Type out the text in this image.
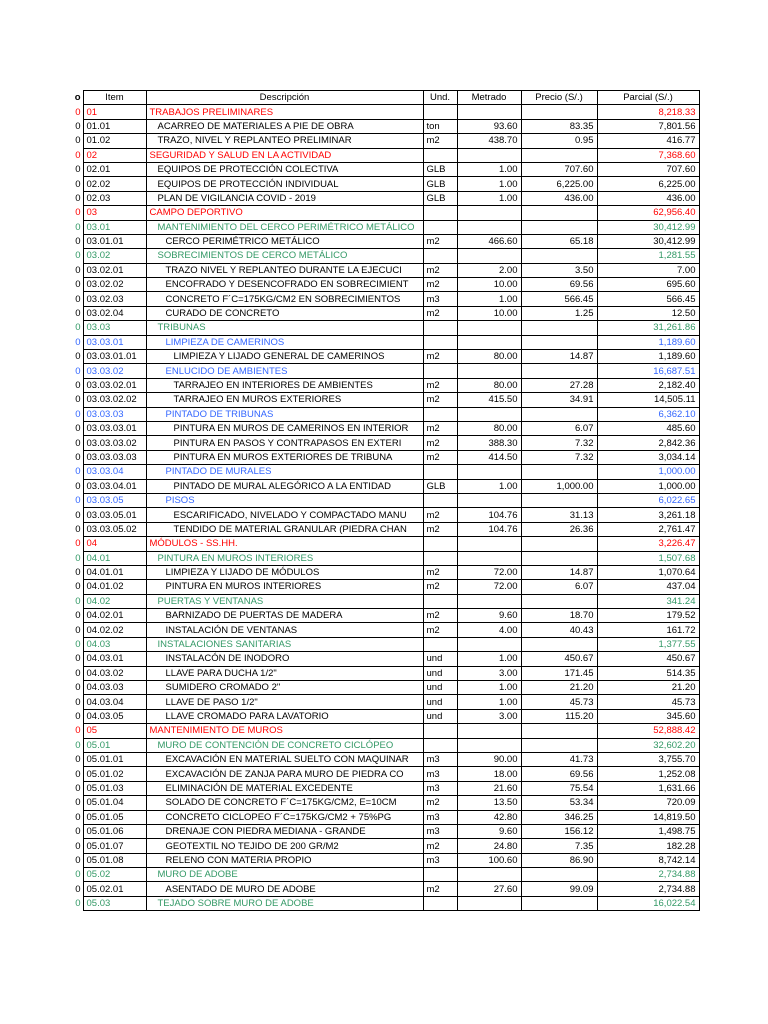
o	Item	Descripción	Und.	Metrado	Precio (S/.)	Parcial (S/.)
0	01	TRABAJOS PRELIMINARES				8,218.33
0	01.01	ACARREO DE MATERIALES A PIE DE OBRA	ton	93.60	83.35	7,801.56
0	01.02	TRAZO, NIVEL Y REPLANTEO PRELIMINAR	m2	438.70	0.95	416.77
0	02	SEGURIDAD Y SALUD EN LA ACTIVIDAD				7,368.60
0	02.01	EQUIPOS DE PROTECCIÓN COLECTIVA	GLB	1.00	707.60	707.60
0	02.02	EQUIPOS DE PROTECCIÓN INDIVIDUAL	GLB	1.00	6,225.00	6,225.00
0	02.03	PLAN DE VIGILANCIA COVID - 2019	GLB	1.00	436.00	436.00
0	03	CAMPO DEPORTIVO				62,956.40
0	03.01	MANTENIMIENTO DEL CERCO PERIMÉTRICO METÁLICO				30,412.99
0	03.01.01	CERCO PERIMÉTRICO METÁLICO	m2	466.60	65.18	30,412.99
0	03.02	SOBRECIMIENTOS DE CERCO METÁLICO				1,281.55
0	03.02.01	TRAZO NIVEL Y REPLANTEO DURANTE LA EJECUCI	m2	2.00	3.50	7.00
0	03.02.02	ENCOFRADO Y DESENCOFRADO EN SOBRECIMIENT	m2	10.00	69.56	695.60
0	03.02.03	CONCRETO F´C=175KG/CM2 EN SOBRECIMIENTOS	m3	1.00	566.45	566.45
0	03.02.04	CURADO DE CONCRETO	m2	10.00	1.25	12.50
0	03.03	TRIBUNAS				31,261.86
0	03.03.01	LIMPIEZA DE CAMERINOS				1,189.60
0	03.03.01.01	LIMPIEZA Y LIJADO GENERAL DE CAMERINOS	m2	80.00	14.87	1,189.60
0	03.03.02	ENLUCIDO DE AMBIENTES				16,687.51
0	03.03.02.01	TARRAJEO EN INTERIORES DE AMBIENTES	m2	80.00	27.28	2,182.40
0	03.03.02.02	TARRAJEO EN MUROS EXTERIORES	m2	415.50	34.91	14,505.11
0	03.03.03	PINTADO DE TRIBUNAS				6,362.10
0	03.03.03.01	PINTURA EN MUROS DE CAMERINOS EN INTERIOR	m2	80.00	6.07	485.60
0	03.03.03.02	PINTURA EN PASOS Y CONTRAPASOS EN EXTERI	m2	388.30	7.32	2,842.36
0	03.03.03.03	PINTURA EN MUROS EXTERIORES DE TRIBUNA	m2	414.50	7.32	3,034.14
0	03.03.04	PINTADO DE MURALES				1,000.00
0	03.03.04.01	PINTADO DE MURAL ALEGÓRICO A LA ENTIDAD	GLB	1.00	1,000.00	1,000.00
0	03.03.05	PISOS				6,022.65
0	03.03.05.01	ESCARIFICADO, NIVELADO Y COMPACTADO MANU	m2	104.76	31.13	3,261.18
0	03.03.05.02	TENDIDO DE MATERIAL GRANULAR (PIEDRA CHAN	m2	104.76	26.36	2,761.47
0	04	MÓDULOS - SS.HH.				3,226.47
0	04.01	PINTURA EN MUROS INTERIORES				1,507.68
0	04.01.01	LIMPIEZA Y LIJADO DE MÓDULOS	m2	72.00	14.87	1,070.64
0	04.01.02	PINTURA EN MUROS INTERIORES	m2	72.00	6.07	437.04
0	04.02	PUERTAS Y VENTANAS				341.24
0	04.02.01	BARNIZADO DE PUERTAS DE MADERA	m2	9.60	18.70	179.52
0	04.02.02	INSTALACIÓN DE VENTANAS	m2	4.00	40.43	161.72
0	04.03	INSTALACIONES SANITARIAS				1,377.55
0	04.03.01	INSTALACÓN DE INODORO	und	1.00	450.67	450.67
0	04.03.02	LLAVE PARA DUCHA 1/2"	und	3.00	171.45	514.35
0	04.03.03	SUMIDERO CROMADO 2"	und	1.00	21.20	21.20
0	04.03.04	LLAVE DE PASO 1/2"	und	1.00	45.73	45.73
0	04.03.05	LLAVE CROMADO PARA LAVATORIO	und	3.00	115.20	345.60
0	05	MANTENIMIENTO DE MUROS				52,888.42
0	05.01	MURO DE CONTENCIÓN DE CONCRETO CICLÓPEO				32,602.20
0	05.01.01	EXCAVACIÓN EN MATERIAL SUELTO CON MAQUINAR	m3	90.00	41.73	3,755.70
0	05.01.02	EXCAVACIÓN DE ZANJA PARA MURO DE PIEDRA CO	m3	18.00	69.56	1,252.08
0	05.01.03	ELIMINACIÓN DE MATERIAL EXCEDENTE	m3	21.60	75.54	1,631.66
0	05.01.04	SOLADO DE CONCRETO F´C=175KG/CM2, E=10CM	m2	13.50	53.34	720.09
0	05.01.05	CONCRETO CICLOPEO F´C=175KG/CM2 + 75%PG	m3	42.80	346.25	14,819.50
0	05.01.06	DRENAJE CON PIEDRA MEDIANA - GRANDE	m3	9.60	156.12	1,498.75
0	05.01.07	GEOTEXTIL NO TEJIDO DE 200 GR/M2	m2	24.80	7.35	182.28
0	05.01.08	RELENO CON MATERIA PROPIO	m3	100.60	86.90	8,742.14
0	05.02	MURO DE ADOBE				2,734.88
0	05.02.01	ASENTADO DE MURO DE ADOBE	m2	27.60	99.09	2,734.88
0	05.03	TEJADO SOBRE MURO DE ADOBE				16,022.54
